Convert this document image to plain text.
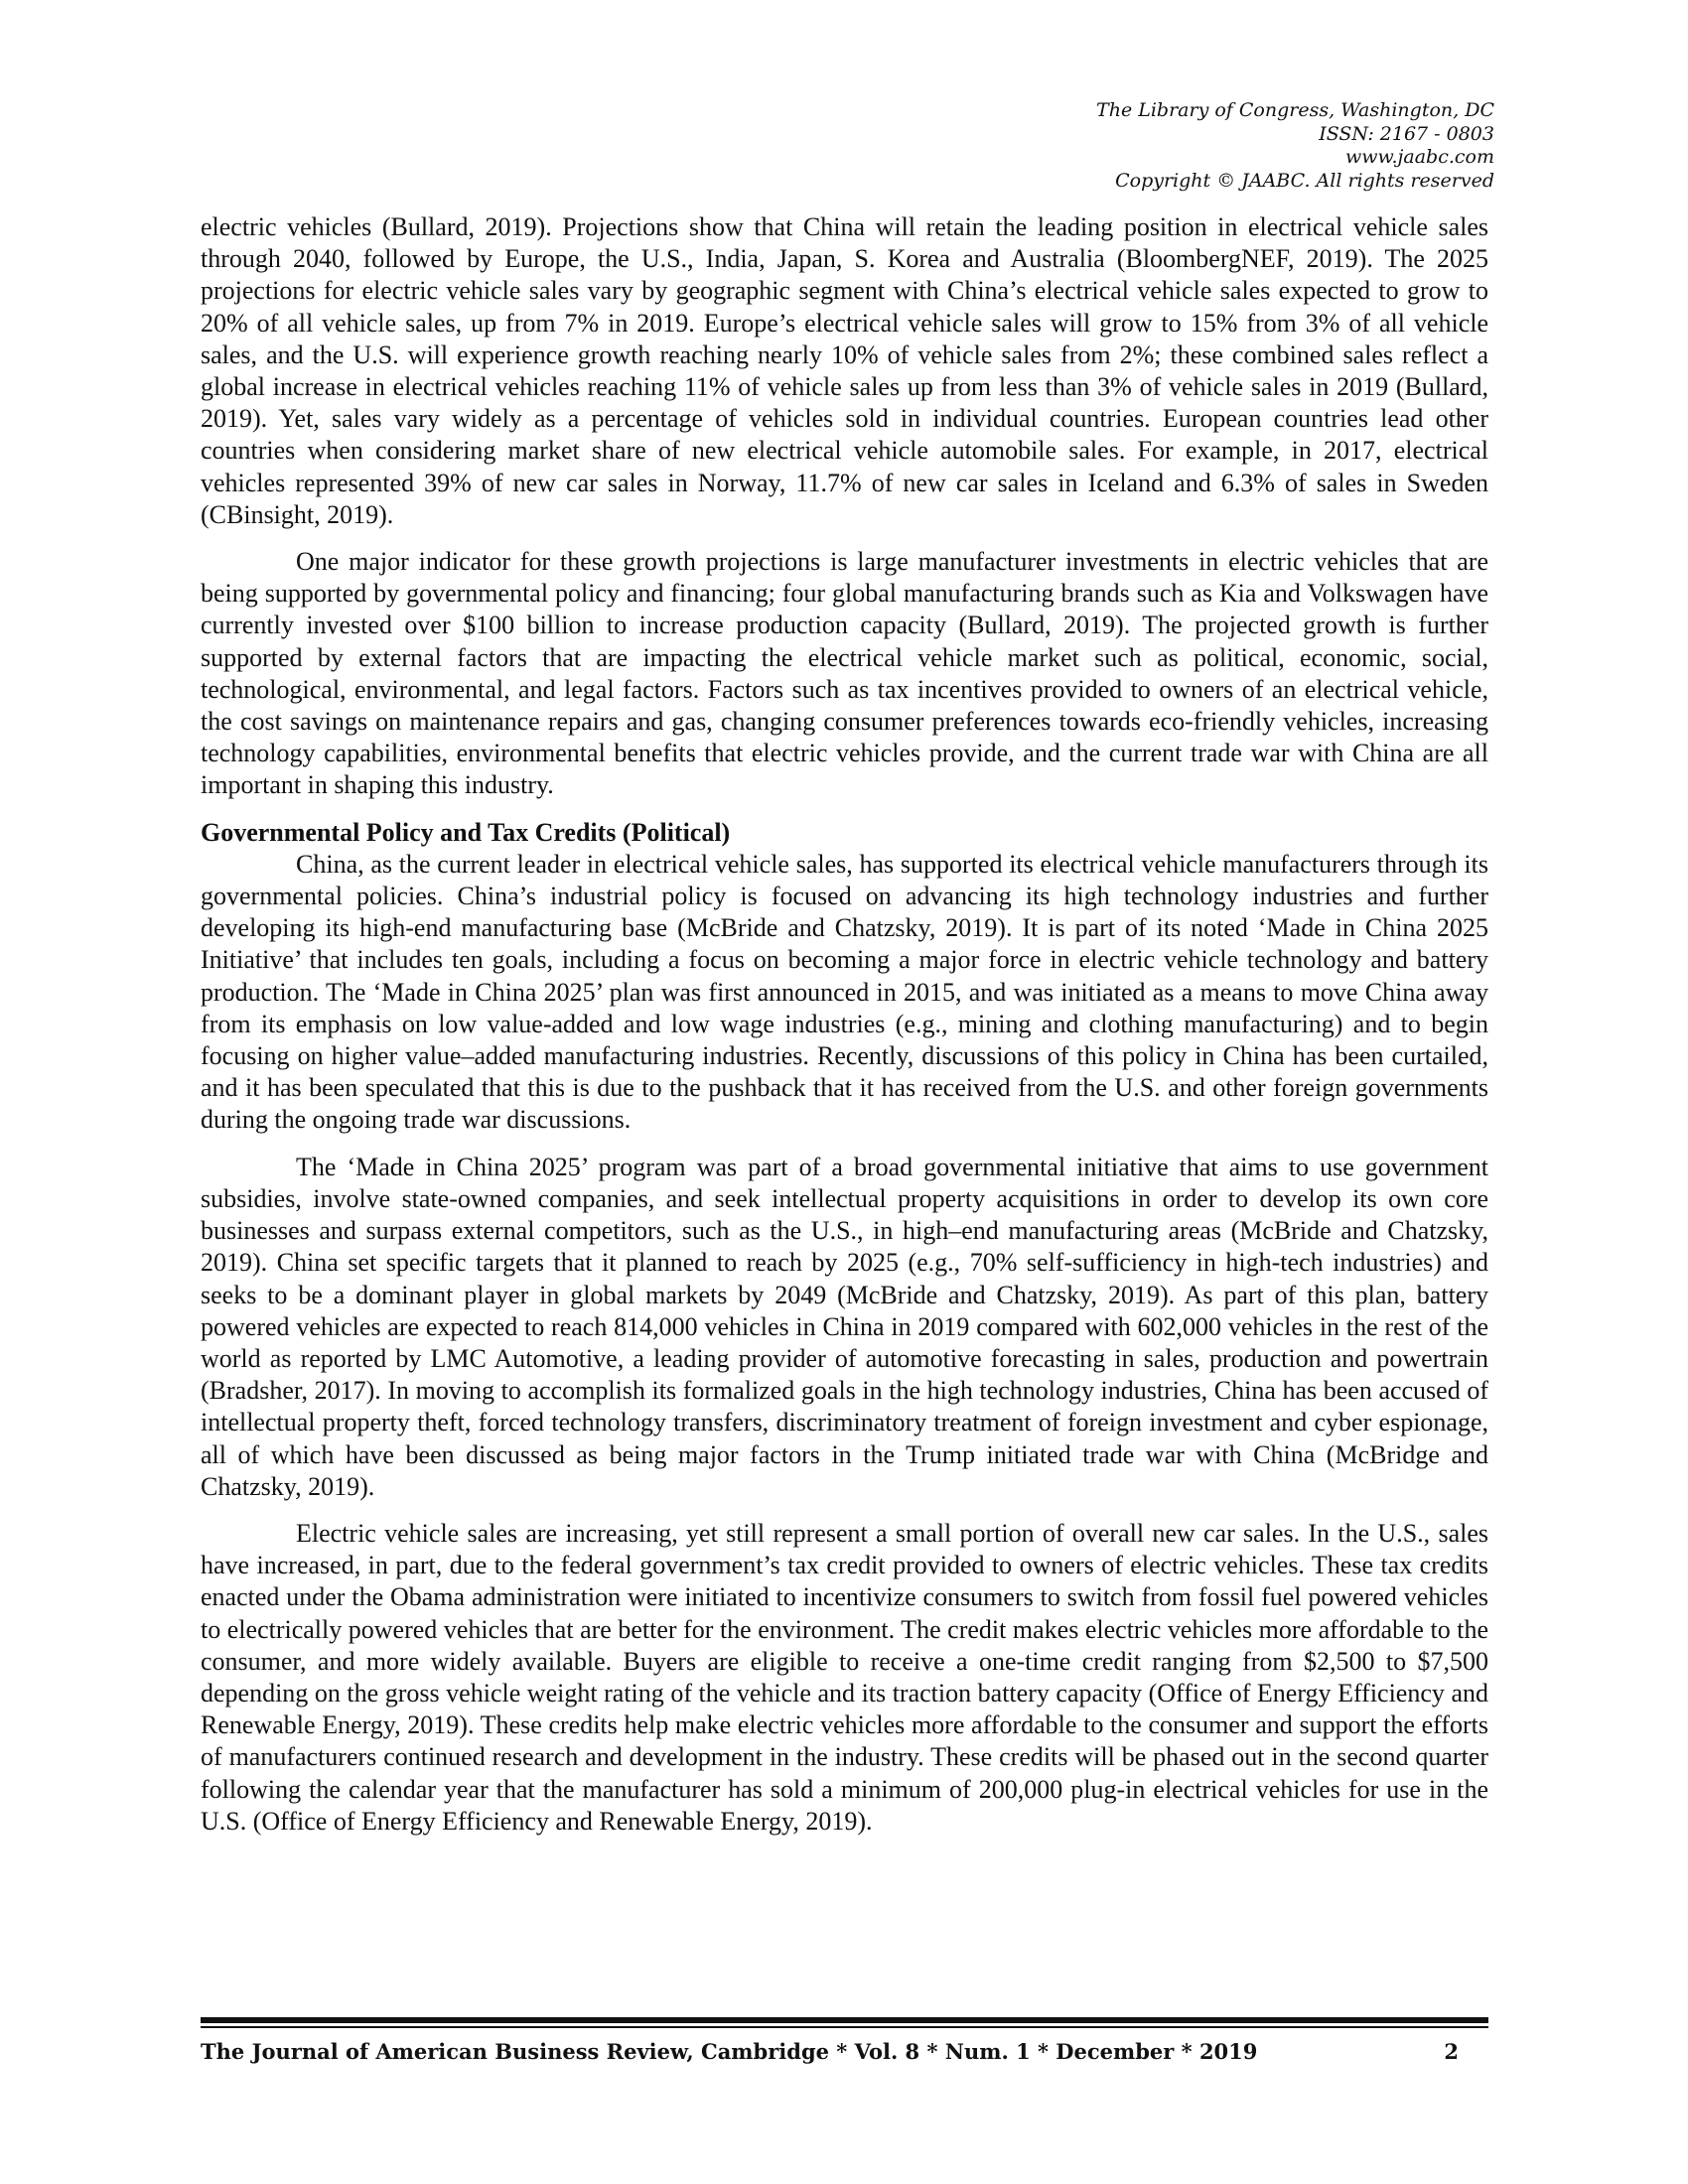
The Library of Congress, Washington, DC
ISSN: 2167 - 0803
www.jaabc.com
Copyright © JAABC. All rights reserved

electric vehicles (Bullard, 2019). Projections show that China will retain the leading position in electrical vehicle sales through 2040, followed by Europe, the U.S., India, Japan, S. Korea and Australia (BloombergNEF, 2019). The 2025 projections for electric vehicle sales vary by geographic segment with China’s electrical vehicle sales expected to grow to 20% of all vehicle sales, up from 7% in 2019. Europe’s electrical vehicle sales will grow to 15% from 3% of all vehicle sales, and the U.S. will experience growth reaching nearly 10% of vehicle sales from 2%; these combined sales reflect a global increase in electrical vehicles reaching 11% of vehicle sales up from less than 3% of vehicle sales in 2019 (Bullard, 2019). Yet, sales vary widely as a percentage of vehicles sold in individual countries. European countries lead other countries when considering market share of new electrical vehicle automobile sales. For example, in 2017, electrical vehicles represented 39% of new car sales in Norway, 11.7% of new car sales in Iceland and 6.3% of sales in Sweden (CBinsight, 2019).

One major indicator for these growth projections is large manufacturer investments in electric vehicles that are being supported by governmental policy and financing; four global manufacturing brands such as Kia and Volkswagen have currently invested over $100 billion to increase production capacity (Bullard, 2019). The projected growth is further supported by external factors that are impacting the electrical vehicle market such as political, economic, social, technological, environmental, and legal factors. Factors such as tax incentives provided to owners of an electrical vehicle, the cost savings on maintenance repairs and gas, changing consumer preferences towards eco-friendly vehicles, increasing technology capabilities, environmental benefits that electric vehicles provide, and the current trade war with China are all important in shaping this industry.

Governmental Policy and Tax Credits (Political)

China, as the current leader in electrical vehicle sales, has supported its electrical vehicle manufacturers through its governmental policies. China’s industrial policy is focused on advancing its high technology industries and further developing its high-end manufacturing base (McBride and Chatzsky, 2019). It is part of its noted ‘Made in China 2025 Initiative’ that includes ten goals, including a focus on becoming a major force in electric vehicle technology and battery production. The ‘Made in China 2025’ plan was first announced in 2015, and was initiated as a means to move China away from its emphasis on low value-added and low wage industries (e.g., mining and clothing manufacturing) and to begin focusing on higher value–added manufacturing industries. Recently, discussions of this policy in China has been curtailed, and it has been speculated that this is due to the pushback that it has received from the U.S. and other foreign governments during the ongoing trade war discussions.

The ‘Made in China 2025’ program was part of a broad governmental initiative that aims to use government subsidies, involve state-owned companies, and seek intellectual property acquisitions in order to develop its own core businesses and surpass external competitors, such as the U.S., in high–end manufacturing areas (McBride and Chatzsky, 2019). China set specific targets that it planned to reach by 2025 (e.g., 70% self-sufficiency in high-tech industries) and seeks to be a dominant player in global markets by 2049 (McBride and Chatzsky, 2019). As part of this plan, battery powered vehicles are expected to reach 814,000 vehicles in China in 2019 compared with 602,000 vehicles in the rest of the world as reported by LMC Automotive, a leading provider of automotive forecasting in sales, production and powertrain (Bradsher, 2017). In moving to accomplish its formalized goals in the high technology industries, China has been accused of intellectual property theft, forced technology transfers, discriminatory treatment of foreign investment and cyber espionage, all of which have been discussed as being major factors in the Trump initiated trade war with China (McBridge and Chatzsky, 2019).

Electric vehicle sales are increasing, yet still represent a small portion of overall new car sales. In the U.S., sales have increased, in part, due to the federal government’s tax credit provided to owners of electric vehicles. These tax credits enacted under the Obama administration were initiated to incentivize consumers to switch from fossil fuel powered vehicles to electrically powered vehicles that are better for the environment. The credit makes electric vehicles more affordable to the consumer, and more widely available. Buyers are eligible to receive a one-time credit ranging from $2,500 to $7,500 depending on the gross vehicle weight rating of the vehicle and its traction battery capacity (Office of Energy Efficiency and Renewable Energy, 2019). These credits help make electric vehicles more affordable to the consumer and support the efforts of manufacturers continued research and development in the industry. These credits will be phased out in the second quarter following the calendar year that the manufacturer has sold a minimum of 200,000 plug-in electrical vehicles for use in the U.S. (Office of Energy Efficiency and Renewable Energy, 2019).

The Journal of American Business Review, Cambridge * Vol. 8 * Num. 1 * December * 2019	2
